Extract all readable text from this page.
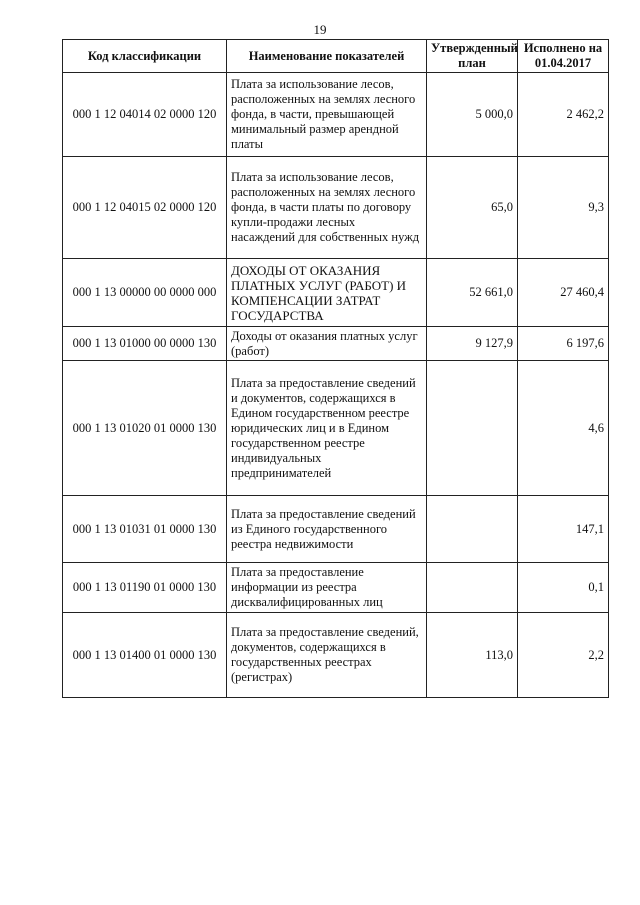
19
Код классификации	Наименование показателей	Утвержденный план	Исполнено на 01.04.2017
000 1 12 04014 02 0000 120	Плата за использование лесов, расположенных на землях лесного фонда, в части, превышающей минимальный размер арендной платы	5 000,0	2 462,2
000 1 12 04015 02 0000 120	Плата за использование лесов, расположенных на землях лесного фонда, в части платы по договору купли-продажи лесных насаждений для собственных нужд	65,0	9,3
000 1 13 00000 00 0000 000	ДОХОДЫ ОТ ОКАЗАНИЯ ПЛАТНЫХ УСЛУГ (РАБОТ) И КОМПЕНСАЦИИ ЗАТРАТ ГОСУДАРСТВА	52 661,0	27 460,4
000 1 13 01000 00 0000 130	Доходы от оказания платных услуг (работ)	9 127,9	6 197,6
000 1 13 01020 01 0000 130	Плата за предоставление сведений и документов, содержащихся в Едином государственном реестре юридических лиц и в Едином государственном реестре индивидуальных предпринимателей		4,6
000 1 13 01031 01 0000 130	Плата за предоставление сведений из Единого государственного реестра недвижимости		147,1
000 1 13 01190 01 0000 130	Плата за предоставление информации из реестра дисквалифицированных лиц		0,1
000 1 13 01400 01 0000 130	Плата за предоставление сведений, документов, содержащихся в государственных реестрах (регистрах)	113,0	2,2
